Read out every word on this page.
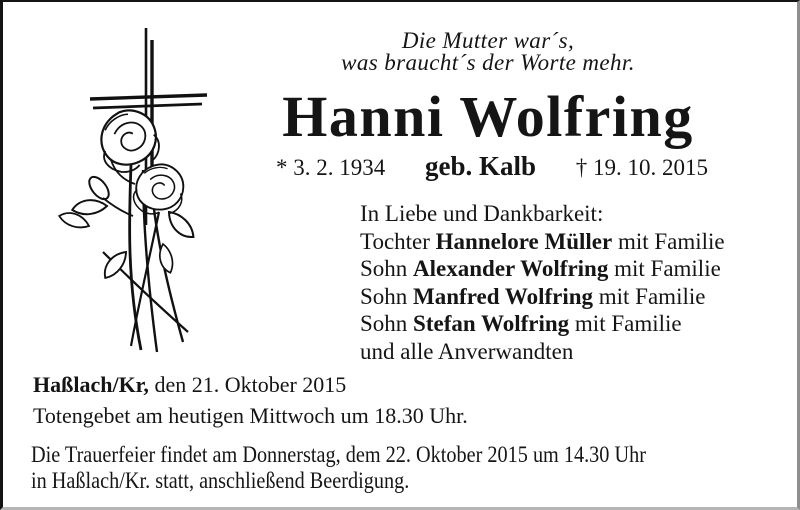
Die Mutter war´s,
was braucht´s der Worte mehr.
Hanni Wolfring
* 3. 2. 1934 geb. Kalb † 19. 10. 2015
In Liebe und Dankbarkeit:
Tochter Hannelore Müller mit Familie
Sohn Alexander Wolfring mit Familie
Sohn Manfred Wolfring mit Familie
Sohn Stefan Wolfring mit Familie
und alle Anverwandten
Haßlach/Kr, den 21. Oktober 2015
Totengebet am heutigen Mittwoch um 18.30 Uhr.
Die Trauerfeier findet am Donnerstag, dem 22. Oktober 2015 um 14.30 Uhr
in Haßlach/Kr. statt, anschließend Beerdigung.
